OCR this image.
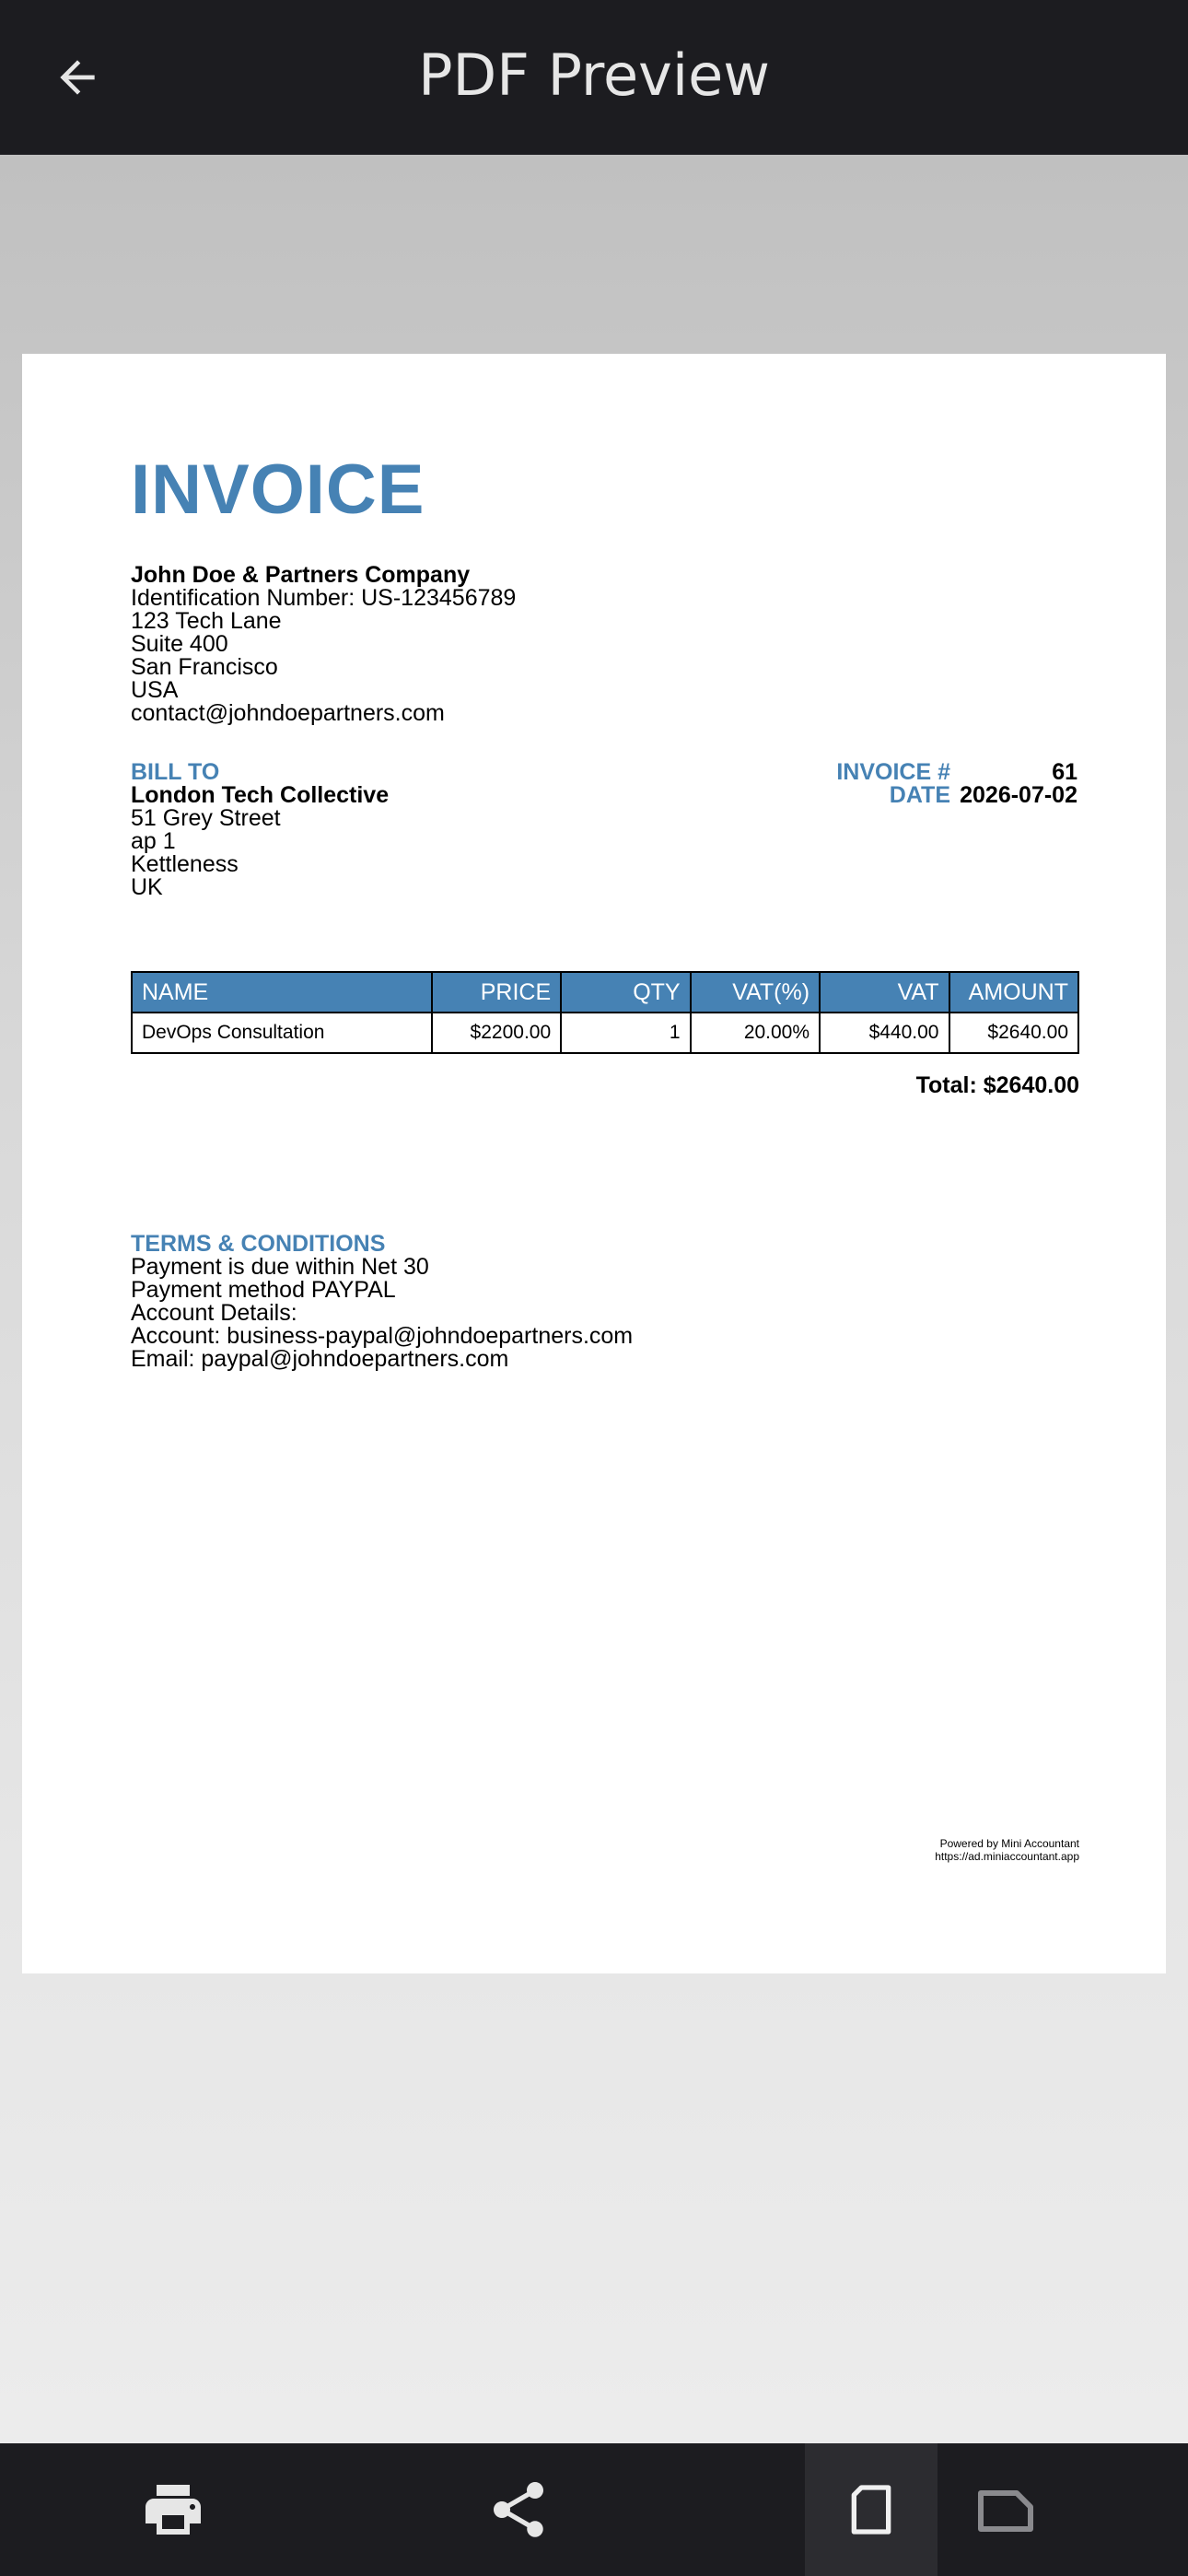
PDF Preview
INVOICE
John Doe & Partners Company
Identification Number: US-123456789
123 Tech Lane
Suite 400
San Francisco
USA
contact@johndoepartners.com
BILL TO
London Tech Collective
51 Grey Street
ap 1
Kettleness
UK
INVOICE #	61
DATE 2026-07-02
NAME	PRICE	QTY	VAT(%)	VAT	AMOUNT
DevOps Consultation	$2200.00	1	20.00%	$440.00	$2640.00
Total: $2640.00
TERMS & CONDITIONS
Payment is due within Net 30
Payment method PAYPAL
Account Details:
Account: business-paypal@johndoepartners.com
Email: paypal@johndoepartners.com
Powered by Mini Accountant
https://ad.miniaccountant.app
